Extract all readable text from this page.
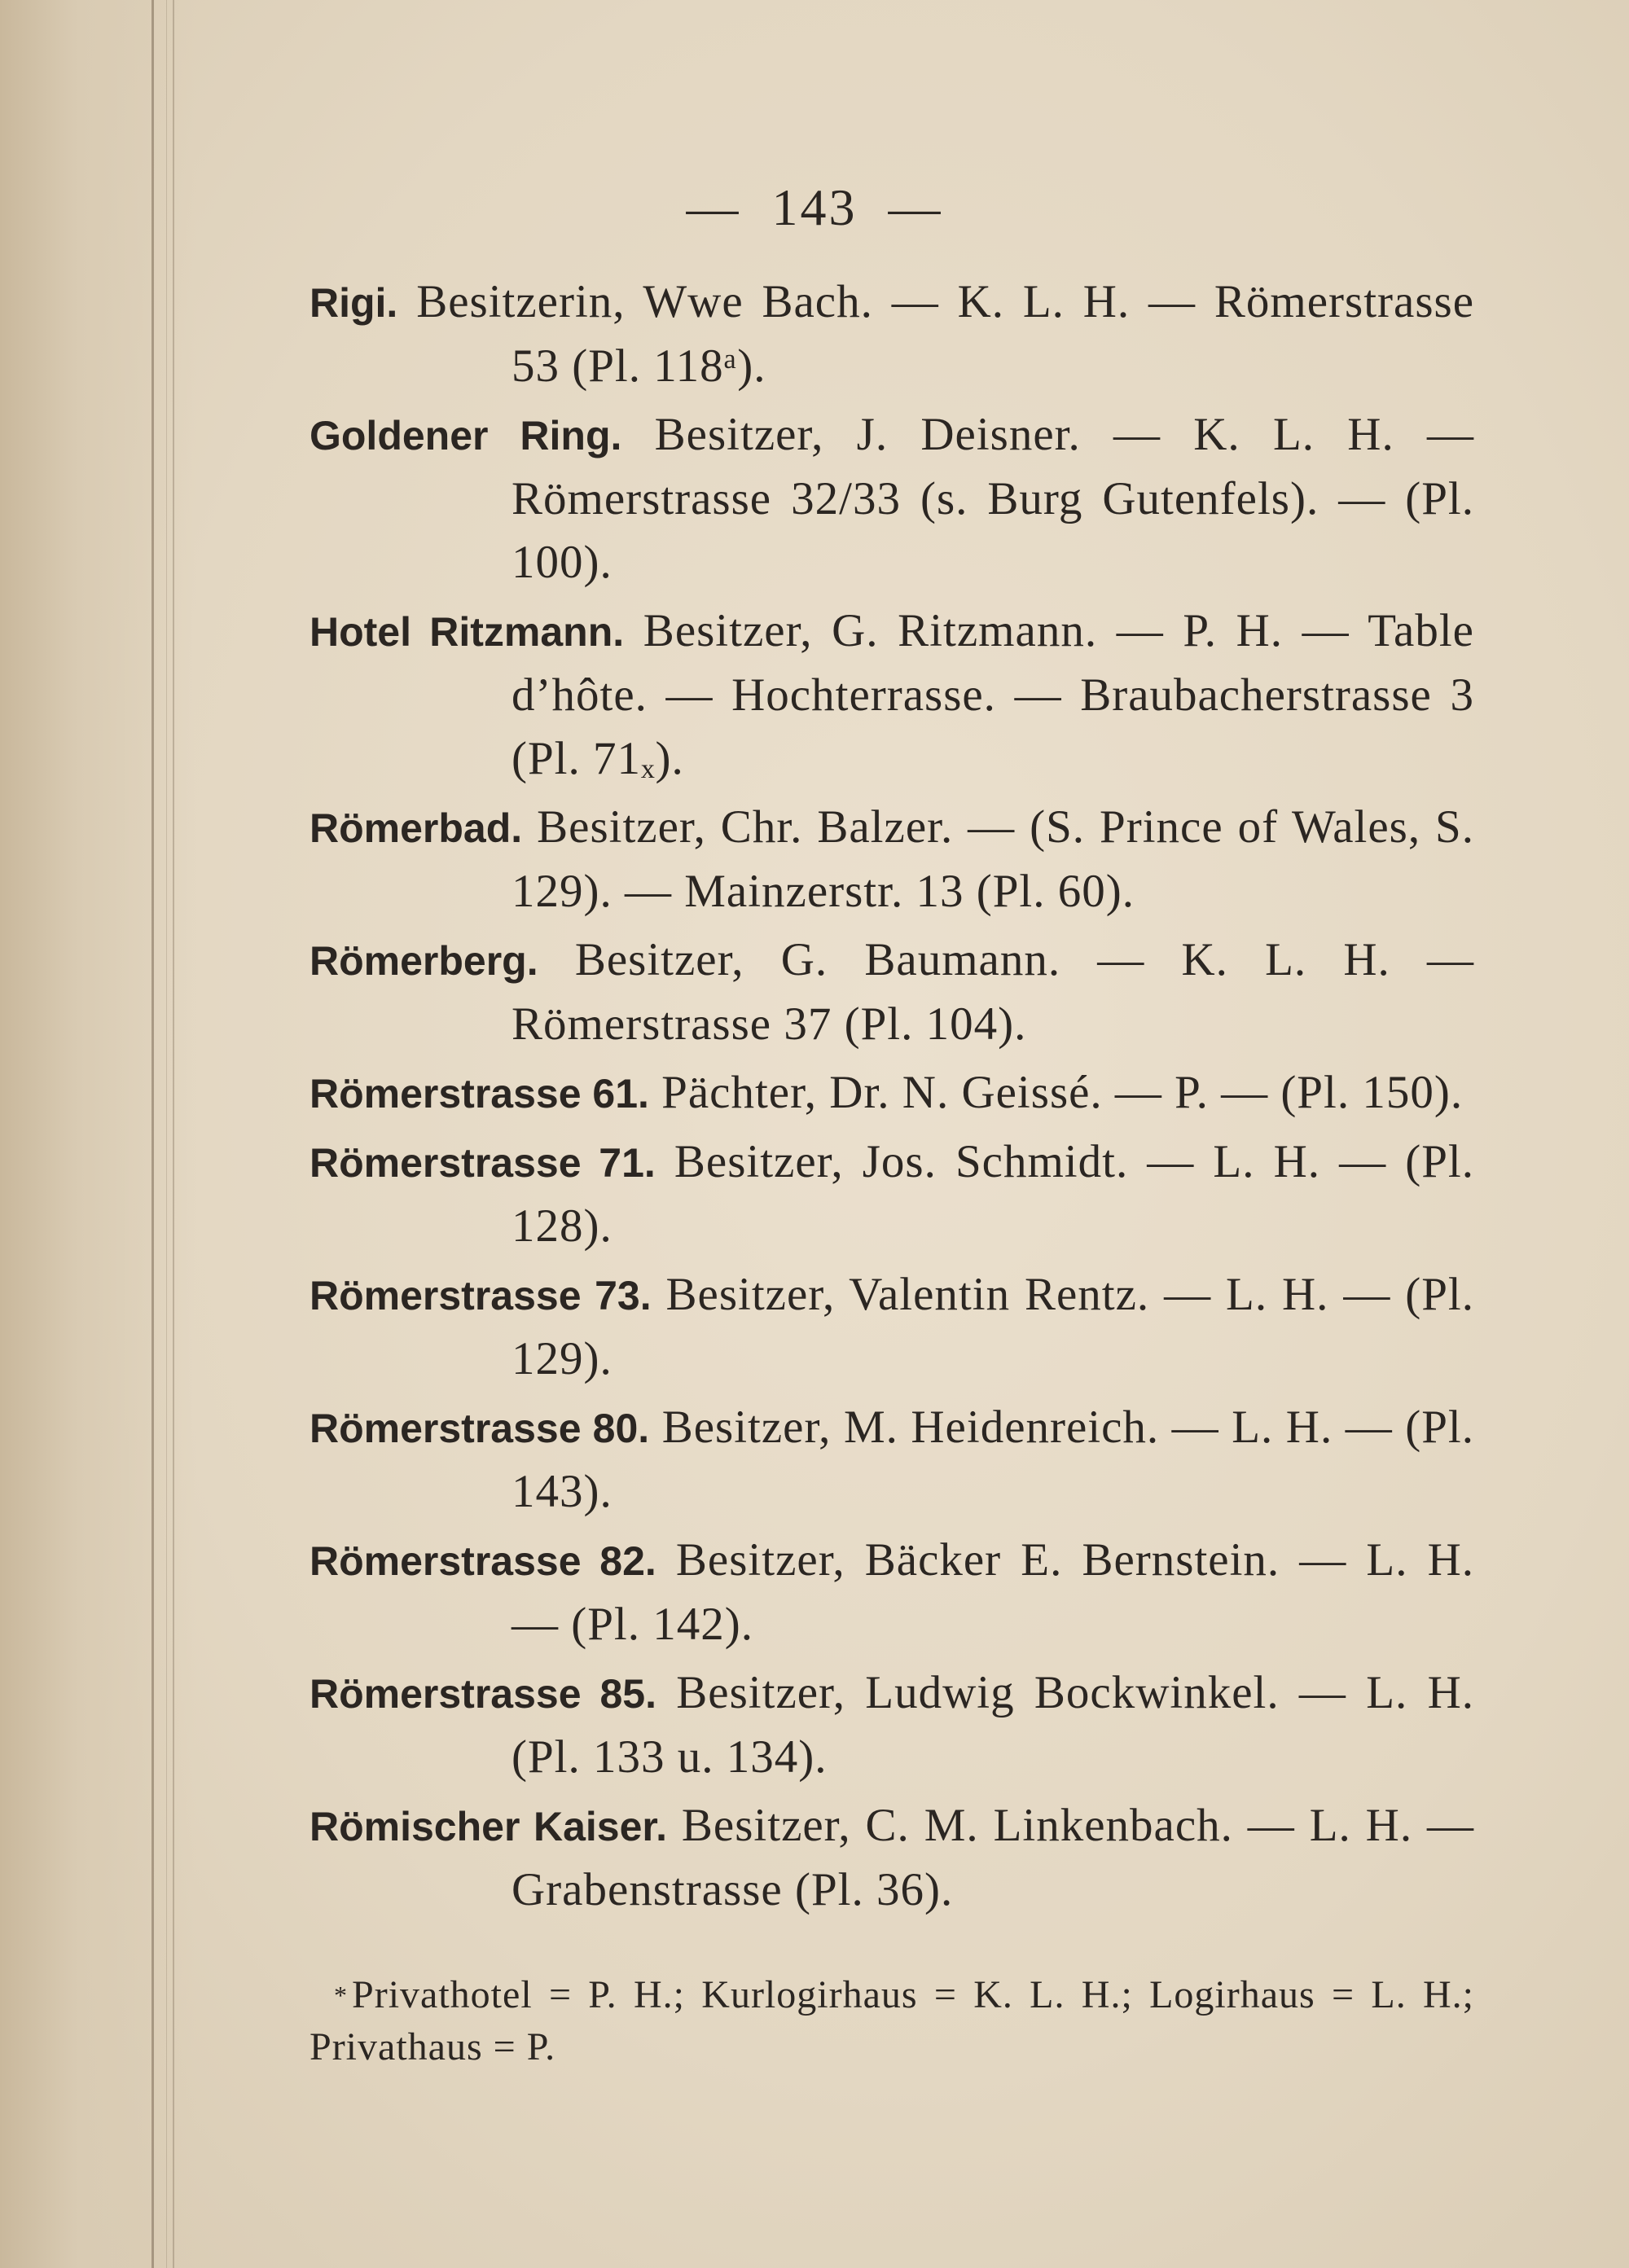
— 143 —

Rigi. Besitzerin, Wwe Bach. — K. L. H. — Römerstrasse 53 (Pl. 118ᵃ).

Goldener Ring. Besitzer, J. Deisner. — K. L. H. — Römerstrasse 32/33 (s. Burg Gutenfels). — (Pl. 100).

Hotel Ritzmann. Besitzer, G. Ritzmann. — P. H. — Table d’hôte. — Hochterrasse. — Braubacherstrasse 3 (Pl. 71ₓ).

Römerbad. Besitzer, Chr. Balzer. — (S. Prince of Wales, S. 129). — Mainzerstr. 13 (Pl. 60).

Römerberg. Besitzer, G. Baumann. — K. L. H. — Römerstrasse 37 (Pl. 104).

Römerstrasse 61. Pächter, Dr. N. Geissé. — P. — (Pl. 150).

Römerstrasse 71. Besitzer, Jos. Schmidt. — L. H. — (Pl. 128).

Römerstrasse 73. Besitzer, Valentin Rentz. — L. H. — (Pl. 129).

Römerstrasse 80. Besitzer, M. Heidenreich. — L. H. — (Pl. 143).

Römerstrasse 82. Besitzer, Bäcker E. Bernstein. — L. H. — (Pl. 142).

Römerstrasse 85. Besitzer, Ludwig Bockwinkel. — L. H. (Pl. 133 u. 134).

Römischer Kaiser. Besitzer, C. M. Linkenbach. — L. H. — Grabenstrasse (Pl. 36).

*  Privathotel = P. H.; Kurlogirhaus = K. L. H.; Logirhaus = L. H.; Privathaus = P.
